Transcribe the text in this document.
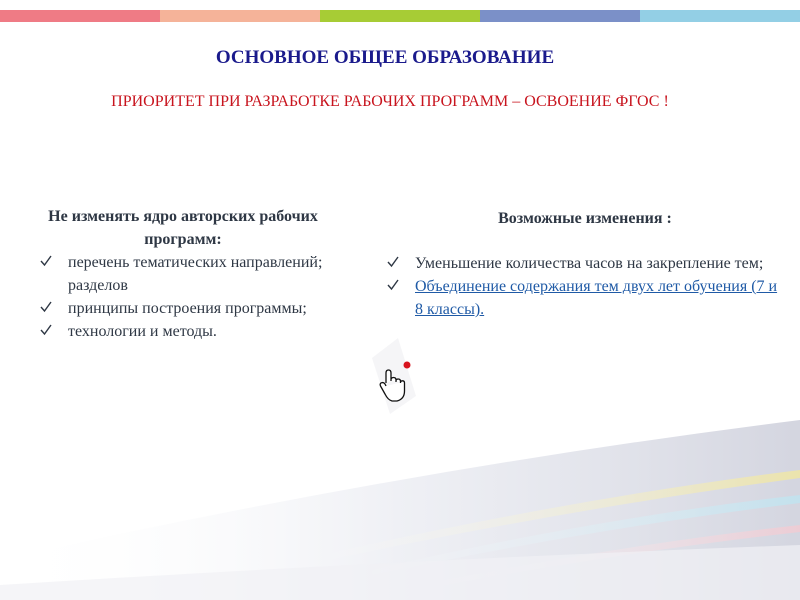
ОСНОВНОЕ ОБЩЕЕ ОБРАЗОВАНИЕ
ПРИОРИТЕТ ПРИ РАЗРАБОТКЕ РАБОЧИХ ПРОГРАММ – ОСВОЕНИЕ ФГОС !
Не изменять ядро авторских рабочих программ:
перечень тематических направлений; разделов
принципы построения программы;
технологии и методы.
Возможные изменения :
Уменьшение количества часов на закрепление тем;
Объединение содержания тем двух лет обучения (7 и 8 классы).
